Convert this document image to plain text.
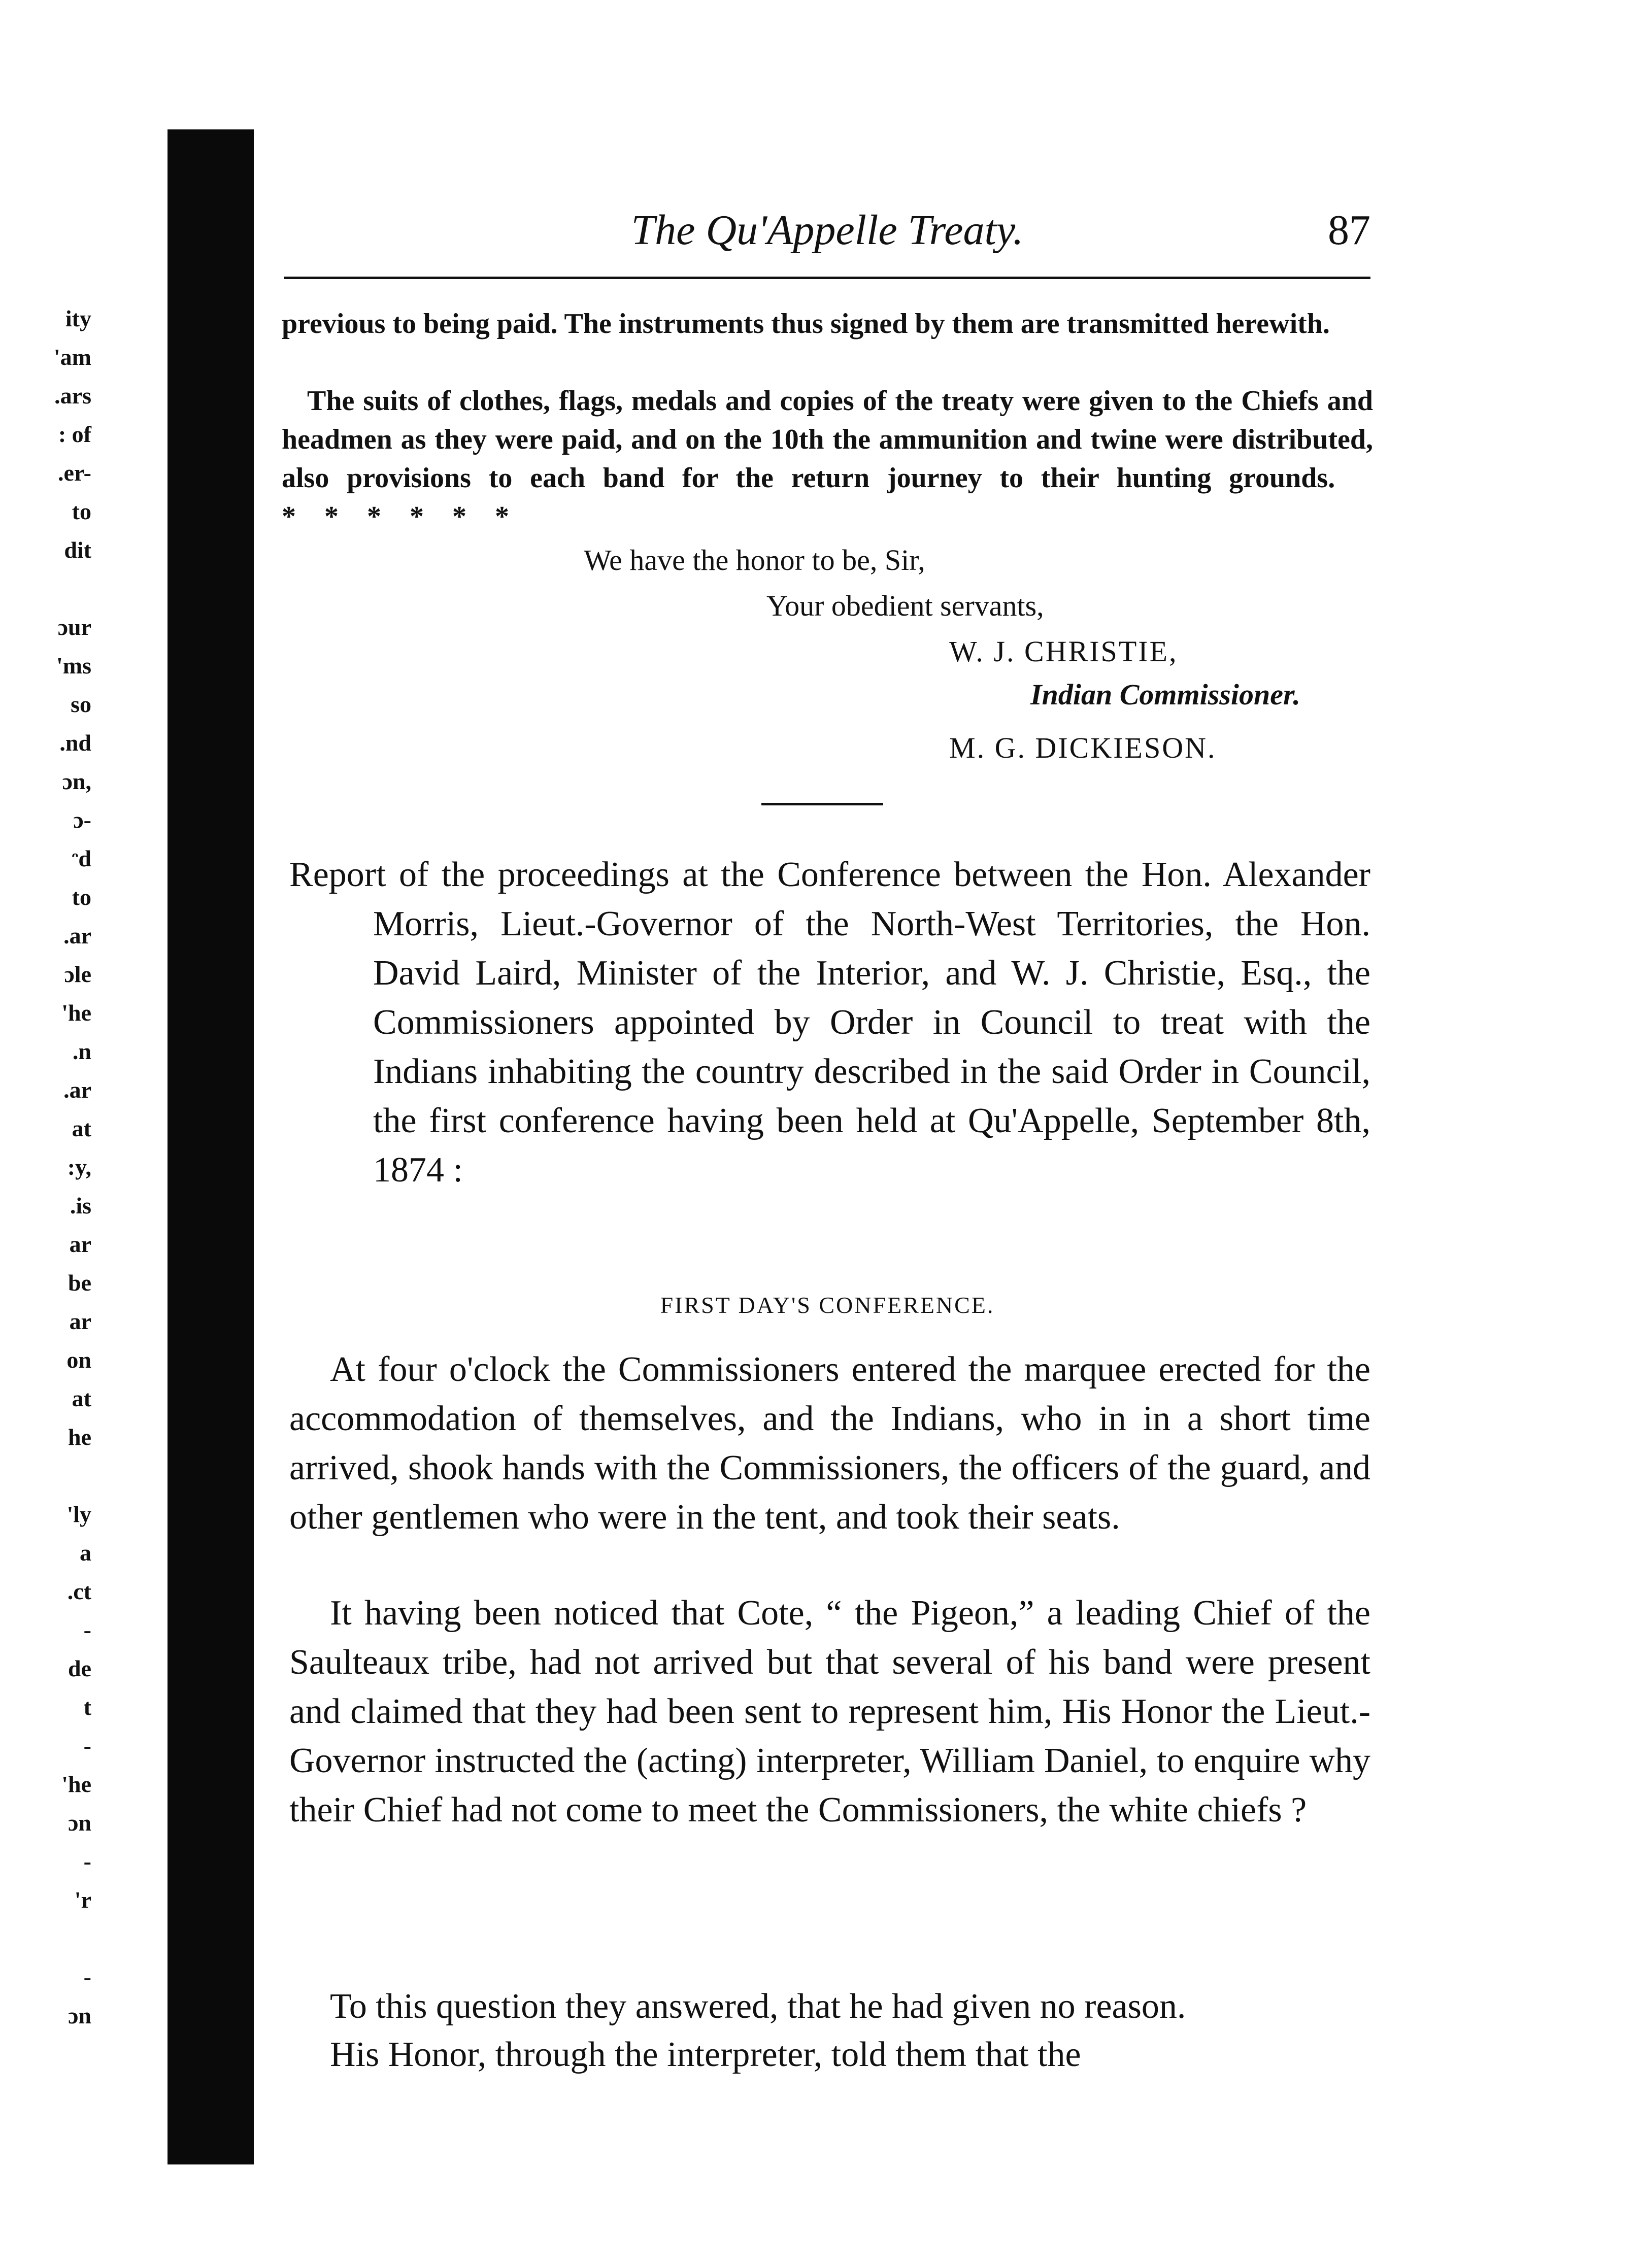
ity
'am
.ars
: of
.er-
to
dit
ɔur
'ms
so
.nd
ɔn,
ɔ-
ᵔd
to
.ar
ɔle
'he
.n
.ar
at
:y,
.is
ar
be
ar
on
at
he
'ly
a
.ct
-
de
t
-
'he
ɔn
-
'r
-
ɔn
The Qu'Appelle Treaty.	87
previous to being paid. The instruments thus signed by them are transmitted herewith.
The suits of clothes, flags, medals and copies of the treaty were given to the Chiefs and headmen as they were paid, and on the 10th the ammunition and twine were distributed, also provisions to each band for the return journey to their hunting grounds.  *    *    *    *    *    *
We have the honor to be, Sir,
Your obedient servants,
W. J. CHRISTIE,
Indian Commissioner.
M. G. DICKIESON.
Report of the proceedings at the Conference between the Hon. Alexander Morris, Lieut.-Governor of the North-West Territories, the Hon. David Laird, Minister of the Interior, and W. J. Christie, Esq., the Commissioners appointed by Order in Council to treat with the Indians inhabiting the country described in the said Order in Council, the first conference having been held at Qu'Appelle, September 8th, 1874 :
FIRST DAY'S CONFERENCE.

At four o'clock the Commissioners entered the marquee erected for the accommodation of themselves, and the Indians, who in in a short time arrived, shook hands with the Commissioners, the officers of the guard, and other gentlemen who were in the tent, and took their seats.

It having been noticed that Cote, “ the Pigeon,” a leading Chief of the Saulteaux tribe, had not arrived but that several of his band were present and claimed that they had been sent to represent him, His Honor the Lieut.-Governor instructed the (acting) interpreter, William Daniel, to enquire why their Chief had not come to meet the Commissioners, the white chiefs ?

To this question they answered, that he had given no reason.

His Honor, through the interpreter, told them that the
